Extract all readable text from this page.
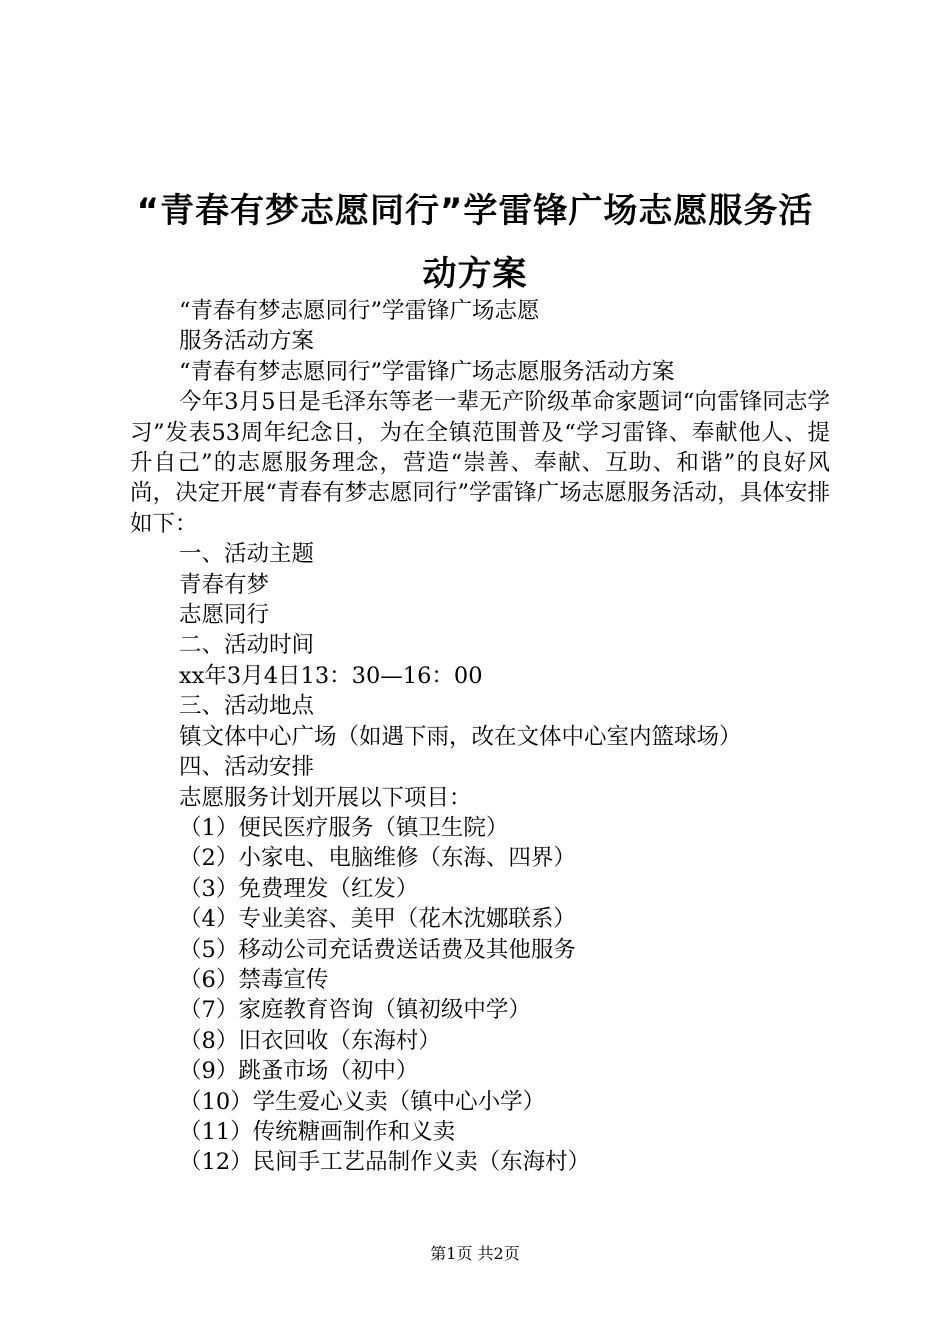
“青春有梦志愿同行”学雷锋广场志愿服务活
动方案

“青春有梦志愿同行”学雷锋广场志愿

服务活动方案

“青春有梦志愿同行”学雷锋广场志愿服务活动方案

今年3月5日是毛泽东等老一辈无产阶级革命家题词“向雷锋同志学习”发表53周年纪念日，为在全镇范围普及“学习雷锋、奉献他人、提升自己”的志愿服务理念，营造“崇善、奉献、互助、和谐”的良好风尚，决定开展“青春有梦志愿同行”学雷锋广场志愿服务活动，具体安排如下：

一、活动主题

青春有梦

志愿同行

二、活动时间

xx年3月4日13：30—16：00

三、活动地点

镇文体中心广场（如遇下雨，改在文体中心室内篮球场）

四、活动安排

志愿服务计划开展以下项目：

（1）便民医疗服务（镇卫生院）

（2）小家电、电脑维修（东海、四界）

（3）免费理发（红发）

（4）专业美容、美甲（花木沈娜联系）

（5）移动公司充话费送话费及其他服务

（6）禁毒宣传

（7）家庭教育咨询（镇初级中学）

（8）旧衣回收（东海村）

（9）跳蚤市场（初中）

（10）学生爱心义卖（镇中心小学）

（11）传统糖画制作和义卖

（12）民间手工艺品制作义卖（东海村）

第1页 共2页
